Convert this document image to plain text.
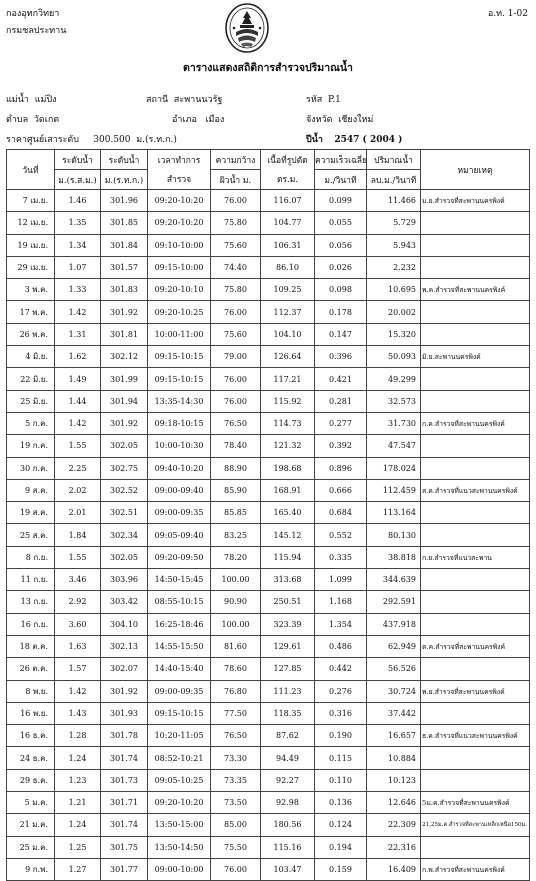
กองอุทกวิทยา
กรมชลประทาน
อ.ท. 1-02
ตารางแสดงสถิติการสำรวจปริมาณน้ำ
แม่น้ำ แม่ปิง	สถานี สะพานนวรัฐ	รหัส P.1
ตำบล วัดเกต	อำเภอ เมือง	จังหวัด เชียงใหม่
ราคาศูนย์เสาระดับ 300.500 ม.(ร.ท.ก.)	ปีน้ำ 2547 ( 2004 )
วันที่	ระดับน้ำ	ระดับน้ำ	เวลาทำการ	ความกว้าง	เนื้อที่รูปตัด	ความเร็วเฉลี่ย	ปริมาณน้ำ	หมายเหตุ
	ม.(ร.ส.ม.)	ม.(ร.ท.ก.)	สำรวจ	ผิวน้ำ ม.	ตร.ม.	ม./วินาที	ลบ.ม./วินาที	
7 เม.ย.	1.46	301.96	09:20-10:20	76.00	116.07	0.099	11.466	ม.ย.สำรวจที่สะพานนครพิงค์
12 เม.ย.	1.35	301.85	09:20-10:20	75.80	104.77	0.055	5.729	
19 เม.ย.	1.34	301.84	09:10-10:00	75.60	106.31	0.056	5.943	
29 เม.ย.	1.07	301.57	09:15-10:00	74.40	86.10	0.026	2.232	
3 พ.ค.	1.33	301.83	09:20-10:10	75.80	109.25	0.098	10.695	พ.ค.สำรวจที่สะพานนครพิงค์
17 พ.ค.	1.42	301.92	09:20-10:25	76.00	112.37	0.178	20.002	
26 พ.ค.	1.31	301.81	10:00-11:00	75.60	104.10	0.147	15.320	
4 มิ.ย.	1.62	302.12	09:15-10:15	79.00	126.64	0.396	50.093	มิ.ย.สะพานนครพิงค์
22 มิ.ย.	1.49	301.99	09:15-10:15	76.00	117.21	0.421	49.299	
25 มิ.ย.	1.44	301.94	13:35-14:30	76.00	115.92	0.281	32.573	
5 ก.ค.	1.42	301.92	09:18-10:15	76.50	114.73	0.277	31.730	ก.ค.สำรวจที่สะพานนครพิงค์
19 ก.ค.	1.55	302.05	10:00-10:30	78.40	121.32	0.392	47.547	
30 ก.ค.	2.25	302.75	09:40-10:20	88.90	198.68	0.896	178.024	
9 ส.ค.	2.02	302.52	09:00-09:40	85.90	168.91	0.666	112.459	ส.ค.สำรวจที่แนวสะพานนครพิงค์
19 ส.ค.	2.01	302.51	09:00-09:35	85.85	165.40	0.684	113.164	
25 ส.ค.	1.84	302.34	09:05-09:40	83.25	145.12	0.552	80.130	
8 ก.ย.	1.55	302.05	09:20-09:50	78.20	115.94	0.335	38.818	ก.ย.สำรวจที่แนวสะพาน
11 ก.ย.	3.46	303.96	14:50-15:45	100.00	313.68	1.099	344.639	
13 ก.ย.	2.92	303.42	08:55-10:15	90.90	250.51	1.168	292.591	
16 ก.ย.	3.60	304.10	16:25-18:46	100.00	323.39	1.354	437.918	
18 ต.ค.	1.63	302.13	14:55-15:50	81.60	129.61	0.486	62.949	ต.ค.สำรวจที่สะพานนครพิงค์
26 ต.ค.	1.57	302.07	14:40-15:40	78.60	127.85	0.442	56.526	
8 พ.ย.	1.42	301.92	09:00-09:35	76.80	111.23	0.276	30.724	พ.ย.สำรวจที่สะพานนครพิงค์
16 พ.ย.	1.43	301.93	09:15-10:15	77.50	118.35	0.316	37.442	
16 ธ.ค.	1.28	301.78	10:20-11:05	76.50	87.62	0.190	16.657	ธ.ค.สำรวจที่แนวสะพานนครพิงค์
24 ธ.ค.	1.24	301.74	08:52-10:21	73.30	94.49	0.115	10.884	
29 ธ.ค.	1.23	301.73	09:05-10:25	73.35	92.27	0.110	10.123	
5 ม.ค.	1.21	301.71	09:20-10:20	73.50	92.98	0.136	12.646	5ม.ค.สำรวจที่สะพานนครพิงค์
21 ม.ค.	1.24	301.74	13:50-15:00	85.00	180.56	0.124	22.309	21,25ม.ค.สำรวจที่สะพานเหล็กเหนือ150ม.
25 ม.ค.	1.25	301.75	13:50-14:50	75.50	115.16	0.194	22.316	
9 ก.พ.	1.27	301.77	09:00-10:00	76.00	103.47	0.159	16.409	ก.พ.สำรวจที่สะพานนครพิงค์
